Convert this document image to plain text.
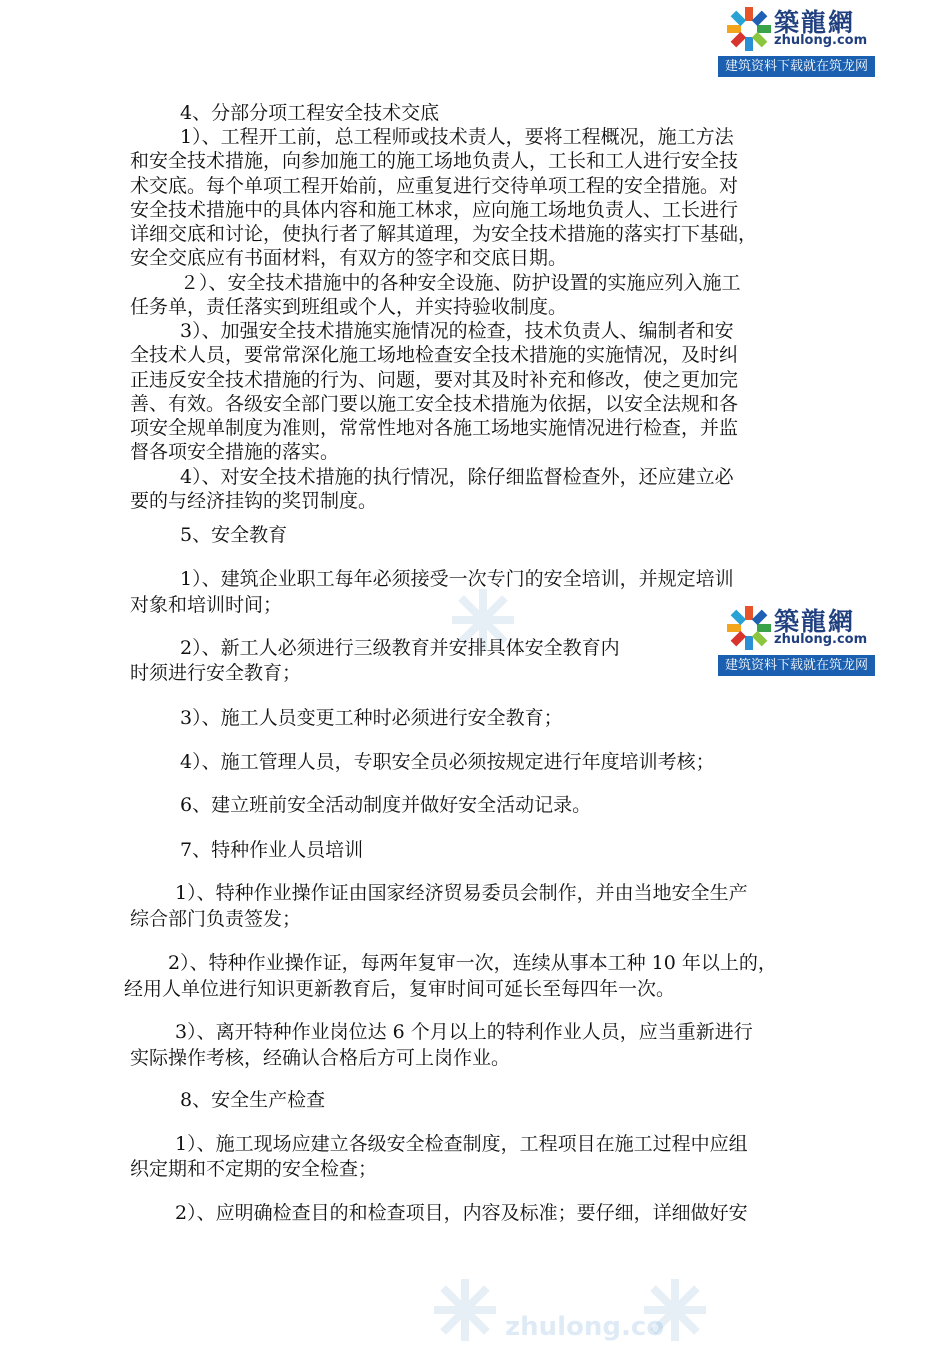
zhulong.co
築龍網
zhulong.com
建筑资料下载就在筑龙网
築龍網
zhulong.com
建筑资料下载就在筑龙网
4、分部分项工程安全技术交底
1）、工程开工前，总工程师或技术责人，要将工程概况，施工方法
和安全技术措施，向参加施工的施工场地负责人，工长和工人进行安全技
术交底。每个单项工程开始前，应重复进行交待单项工程的安全措施。对
安全技术措施中的具体内容和施工林求，应向施工场地负责人、工长进行
详细交底和讨论，使执行者了解其道理，为安全技术措施的落实打下基础，
安全交底应有书面材料，有双方的签字和交底日期。
２）、安全技术措施中的各种安全设施、防护设置的实施应列入施工
任务单，责任落实到班组或个人，并实持验收制度。
3）、加强安全技术措施实施情况的检查，技术负责人、编制者和安
全技术人员，要常常深化施工场地检查安全技术措施的实施情况，及时纠
正违反安全技术措施的行为、问题，要对其及时补充和修改，使之更加完
善、有效。各级安全部门要以施工安全技术措施为依据，以安全法规和各
项安全规单制度为准则，常常性地对各施工场地实施情况进行检查，并监
督各项安全措施的落实。
4）、对安全技术措施的执行情况，除仔细监督检查外，还应建立必
要的与经济挂钩的奖罚制度。
5、安全教育
1）、建筑企业职工每年必须接受一次专门的安全培训，并规定培训
对象和培训时间；
2）、新工人必须进行三级教育并安排具体安全教育内
时须进行安全教育；
3）、施工人员变更工种时必须进行安全教育；
4）、施工管理人员，专职安全员必须按规定进行年度培训考核；
6、建立班前安全活动制度并做好安全活动记录。
7、特种作业人员培训
1）、特种作业操作证由国家经济贸易委员会制作，并由当地安全生产
综合部门负责签发；
2）、特种作业操作证，每两年复审一次，连续从事本工种 10 年以上的，
经用人单位进行知识更新教育后，复审时间可延长至每四年一次。
3）、离开特种作业岗位达 6 个月以上的特利作业人员，应当重新进行
实际操作考核，经确认合格后方可上岗作业。
8、安全生产检查
1）、施工现场应建立各级安全检查制度，工程项目在施工过程中应组
织定期和不定期的安全检查；
2）、应明确检查目的和检查项目，内容及标准；要仔细，详细做好安
